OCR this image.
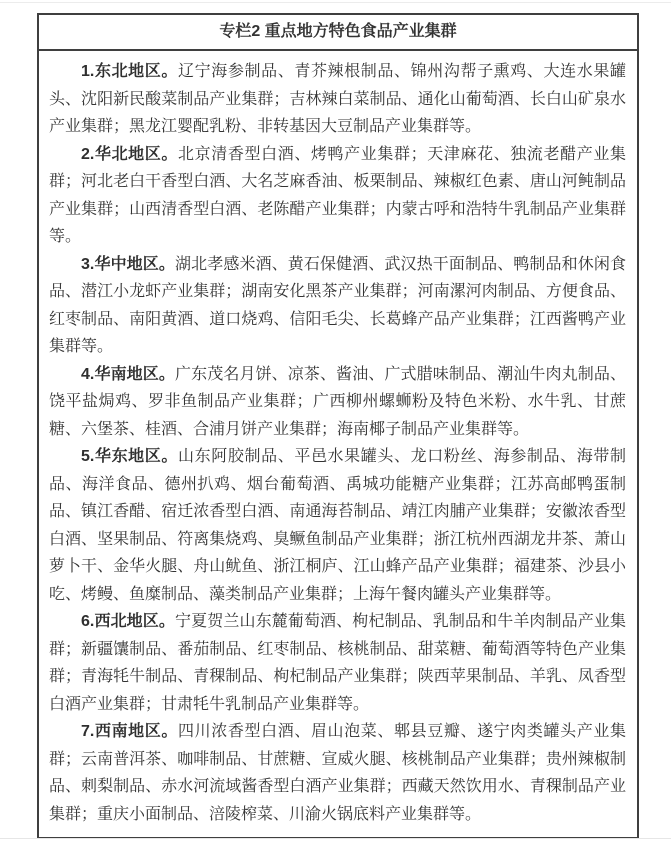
专栏2 重点地方特色食品产业集群

1.东北地区。辽宁海参制品、青芥辣根制品、锦州沟帮子熏鸡、大连水果罐头、沈阳新民酸菜制品产业集群；吉林辣白菜制品、通化山葡萄酒、长白山矿泉水产业集群；黑龙江婴配乳粉、非转基因大豆制品产业集群等。

2.华北地区。北京清香型白酒、烤鸭产业集群；天津麻花、独流老醋产业集群；河北老白干香型白酒、大名芝麻香油、板栗制品、辣椒红色素、唐山河鲀制品产业集群；山西清香型白酒、老陈醋产业集群；内蒙古呼和浩特牛乳制品产业集群等。

3.华中地区。湖北孝感米酒、黄石保健酒、武汉热干面制品、鸭制品和休闲食品、潜江小龙虾产业集群；湖南安化黑茶产业集群；河南漯河肉制品、方便食品、红枣制品、南阳黄酒、道口烧鸡、信阳毛尖、长葛蜂产品产业集群；江西酱鸭产业集群等。

4.华南地区。广东茂名月饼、凉茶、酱油、广式腊味制品、潮汕牛肉丸制品、饶平盐焗鸡、罗非鱼制品产业集群；广西柳州螺蛳粉及特色米粉、水牛乳、甘蔗糖、六堡茶、桂酒、合浦月饼产业集群；海南椰子制品产业集群等。

5.华东地区。山东阿胶制品、平邑水果罐头、龙口粉丝、海参制品、海带制品、海洋食品、德州扒鸡、烟台葡萄酒、禹城功能糖产业集群；江苏高邮鸭蛋制品、镇江香醋、宿迁浓香型白酒、南通海苔制品、靖江肉脯产业集群；安徽浓香型白酒、坚果制品、符离集烧鸡、臭鳜鱼制品产业集群；浙江杭州西湖龙井茶、萧山萝卜干、金华火腿、舟山鱿鱼、浙江桐庐、江山蜂产品产业集群；福建茶、沙县小吃、烤鳗、鱼糜制品、藻类制品产业集群；上海午餐肉罐头产业集群等。

6.西北地区。宁夏贺兰山东麓葡萄酒、枸杞制品、乳制品和牛羊肉制品产业集群；新疆馕制品、番茄制品、红枣制品、核桃制品、甜菜糖、葡萄酒等特色产业集群；青海牦牛制品、青稞制品、枸杞制品产业集群；陕西苹果制品、羊乳、凤香型白酒产业集群；甘肃牦牛乳制品产业集群等。

7.西南地区。四川浓香型白酒、眉山泡菜、郫县豆瓣、遂宁肉类罐头产业集群；云南普洱茶、咖啡制品、甘蔗糖、宣威火腿、核桃制品产业集群；贵州辣椒制品、刺梨制品、赤水河流域酱香型白酒产业集群；西藏天然饮用水、青稞制品产业集群；重庆小面制品、涪陵榨菜、川渝火锅底料产业集群等。
